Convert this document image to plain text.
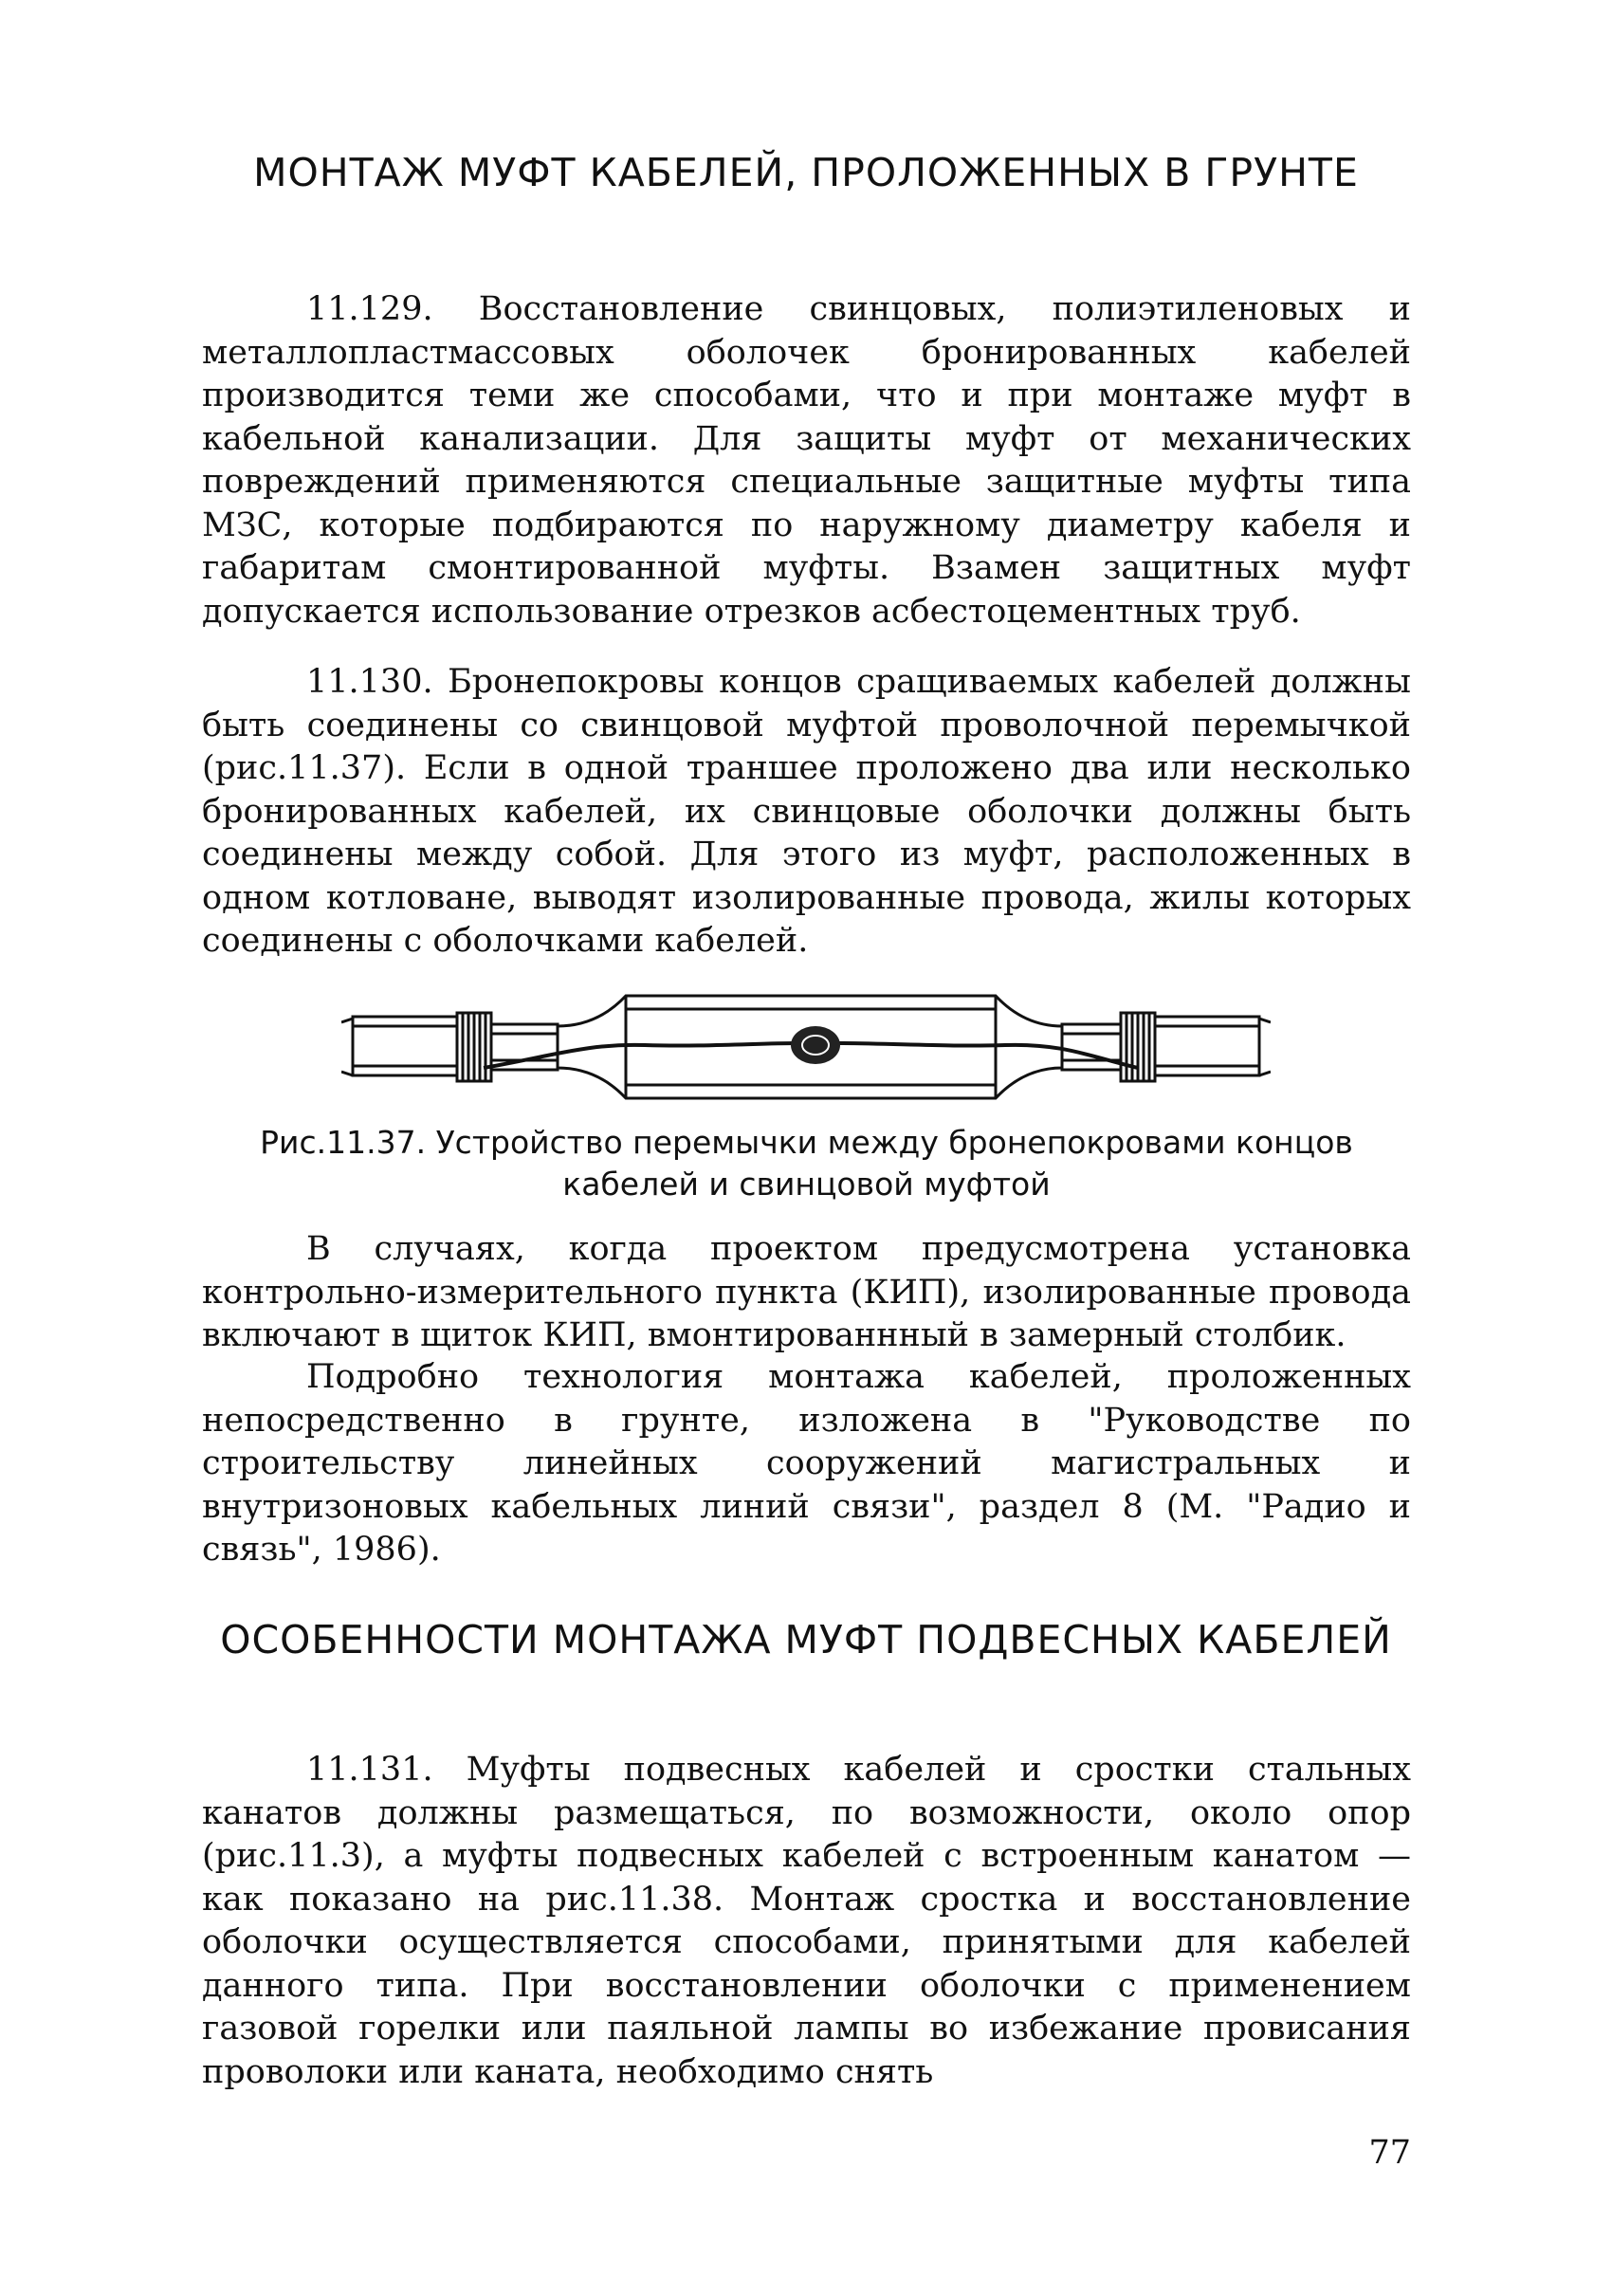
МОНТАЖ МУФТ КАБЕЛЕЙ, ПРОЛОЖЕННЫХ В ГРУНТЕ

11.129. Восстановление свинцовых, полиэтиленовых и металлопластмассовых оболочек бронированных кабелей производится теми же способами, что и при монтаже муфт в кабельной канализации. Для защиты муфт от механических повреждений применяются специальные защитные муфты типа МЗС, которые подбираются по наружному диаметру кабеля и габаритам смонтированной муфты. Взамен защитных муфт допускается использование отрезков асбестоцементных труб.

11.130. Бронепокровы концов сращиваемых кабелей должны быть соединены со свинцовой муфтой проволочной перемычкой (рис.11.37). Если в одной траншее проложено два или несколько бронированных кабелей, их свинцовые оболочки должны быть соединены между собой. Для этого из муфт, расположенных в одном котловане, выводят изолированные провода, жилы которых соединены с оболочками кабелей.

Рис.11.37. Устройство перемычки между бронепокровами концов кабелей и свинцовой муфтой

В случаях, когда проектом предусмотрена установка контрольно-измерительного пункта (КИП), изолированные провода включают в щиток КИП, вмонтированнный в замерный столбик.

Подробно технология монтажа кабелей, проложенных непосредственно в грунте, изложена в "Руководстве по строительству линейных сооружений магистральных и внутризоновых кабельных линий связи", раздел 8 (М. "Радио и связь", 1986).

ОСОБЕННОСТИ МОНТАЖА МУФТ ПОДВЕСНЫХ КАБЕЛЕЙ

11.131. Муфты подвесных кабелей и сростки стальных канатов должны размещаться, по возможности, около опор (рис.11.3), а муфты подвесных кабелей с встроенным канатом — как показано на рис.11.38. Монтаж сростка и восстановление оболочки осуществляется способами, принятыми для кабелей данного типа. При восстановлении оболочки с применением газовой горелки или паяльной лампы во избежание провисания проволоки или каната, необходимо снять

77
